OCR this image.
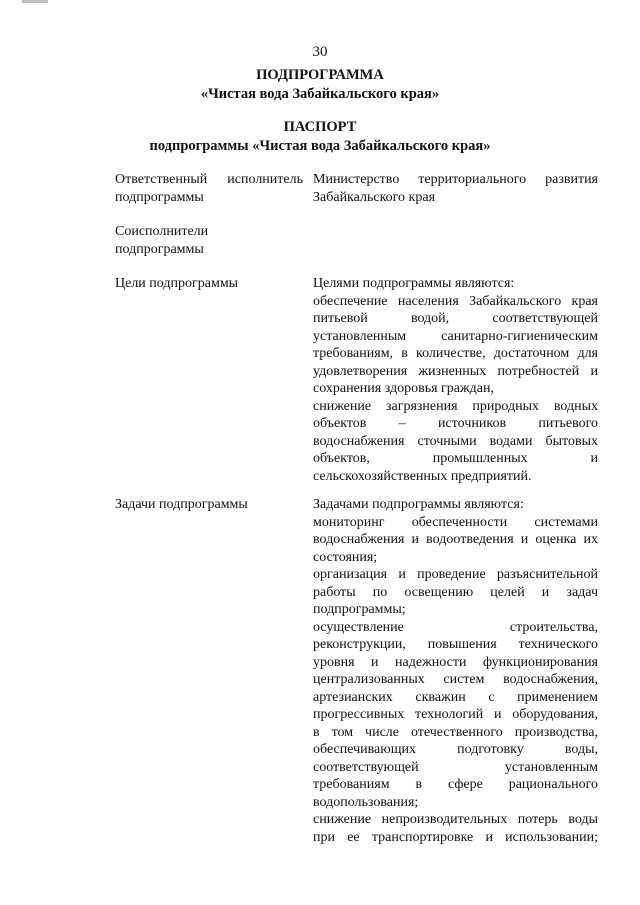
30
ПОДПРОГРАММА
«Чистая вода Забайкальского края»
ПАСПОРТ
подпрограммы «Чистая вода Забайкальского края»
Ответственный исполнитель
подпрограммы
Министерство территориального развития
Забайкальского края
Соисполнители
подпрограммы
Цели подпрограммы	Целями подпрограммы являются:
обеспечение населения Забайкальского края
питьевой водой, соответствующей
установленным санитарно-гигиеническим
требованиям, в количестве, достаточном для
удовлетворения жизненных потребностей и
сохранения здоровья граждан,
снижение загрязнения природных водных
объектов – источников питьевого
водоснабжения сточными водами бытовых
объектов, промышленных и
сельскохозяйственных предприятий.
Задачи подпрограммы	Задачами подпрограммы являются:
мониторинг обеспеченности системами
водоснабжения и водоотведения и оценка их
состояния;
организация и проведение разъяснительной
работы по освещению целей и задач
подпрограммы;
осуществление строительства,
реконструкции, повышения технического
уровня и надежности функционирования
централизованных систем водоснабжения,
артезианских скважин с применением
прогрессивных технологий и оборудования,
в том числе отечественного производства,
обеспечивающих подготовку воды,
соответствующей установленным
требованиям в сфере рационального
водопользования;
снижение непроизводительных потерь воды
при ее транспортировке и использовании;
